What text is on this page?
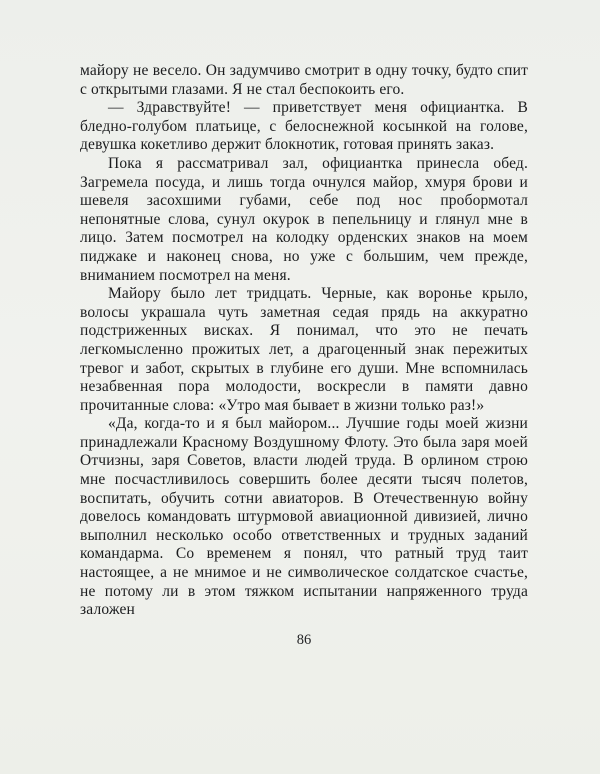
майору не весело. Он задумчиво смотрит в одну точку, будто спит с открытыми глазами. Я не стал беспокоить его.

— Здравствуйте! — приветствует меня официантка. В бледно-голубом платьице, с белоснежной косынкой на голове, девушка кокетливо держит блокнотик, готовая принять заказ.

Пока я рассматривал зал, официантка принесла обед. Загремела посуда, и лишь тогда очнулся майор, хмуря брови и шевеля засохшими губами, себе под нос пробормотал непонятные слова, сунул окурок в пепельницу и глянул мне в лицо. Затем посмотрел на колодку орденских знаков на моем пиджаке и наконец снова, но уже с большим, чем прежде, вниманием посмотрел на меня.

Майору было лет тридцать. Черные, как воронье крыло, волосы украшала чуть заметная седая прядь на аккуратно подстриженных висках. Я понимал, что это не печать легкомысленно прожитых лет, а драгоценный знак пережитых тревог и забот, скрытых в глубине его души. Мне вспомнилась незабвенная пора молодости, воскресли в памяти давно прочитанные слова: «Утро мая бывает в жизни только раз!»

«Да, когда-то и я был майором... Лучшие годы моей жизни принадлежали Красному Воздушному Флоту. Это была заря моей Отчизны, заря Советов, власти людей труда. В орлином строю мне посчастливилось совершить более десяти тысяч полетов, воспитать, обучить сотни авиаторов. В Отечественную войну довелось командовать штурмовой авиационной дивизией, лично выполнил несколько особо ответственных и трудных заданий командарма. Со временем я понял, что ратный труд таит настоящее, а не мнимое и не символическое солдатское счастье, не потому ли в этом тяжком испытании напряженного труда заложен

86
